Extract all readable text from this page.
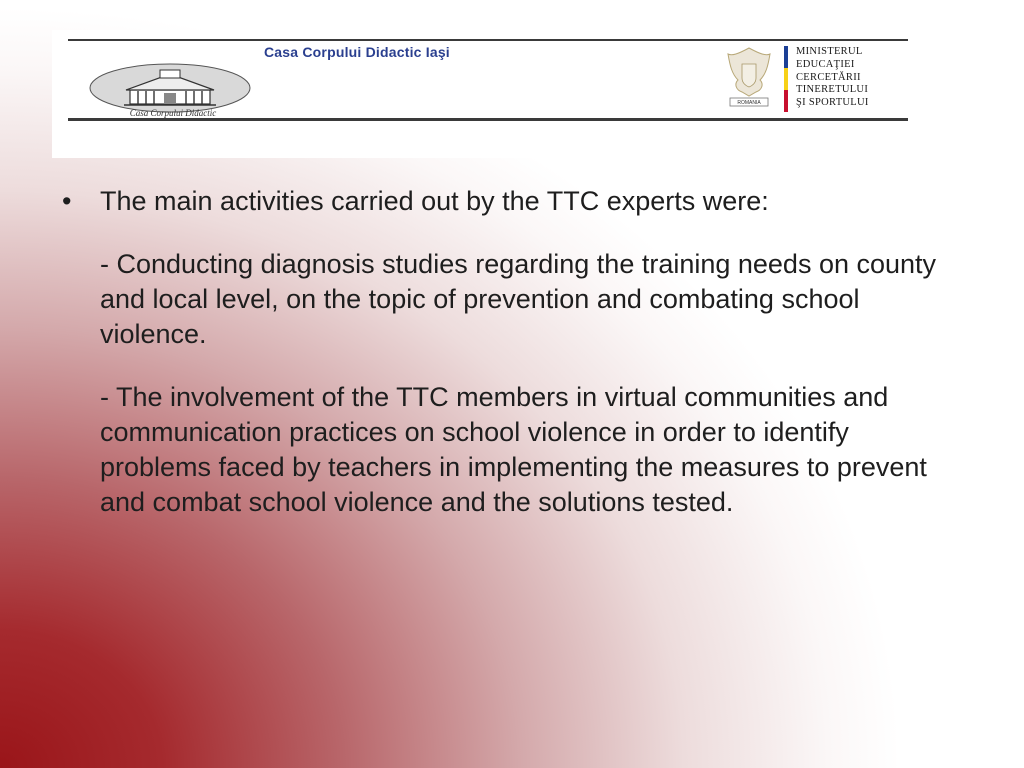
Casa Corpului Didactic Iaşi
Casa Corpului Didactic
ROMANIA
MINISTERUL
EDUCAŢIEI
CERCETĂRII
TINERETULUI
ŞI SPORTULUI
• The main activities carried out by the TTC experts were:
- Conducting diagnosis studies regarding the training needs on county and local level, on the topic of prevention and combating school violence.
- The involvement of the TTC members in virtual communities and communication practices on school violence in order to identify problems faced by teachers in implementing the measures to prevent and combat school violence and the solutions tested.
